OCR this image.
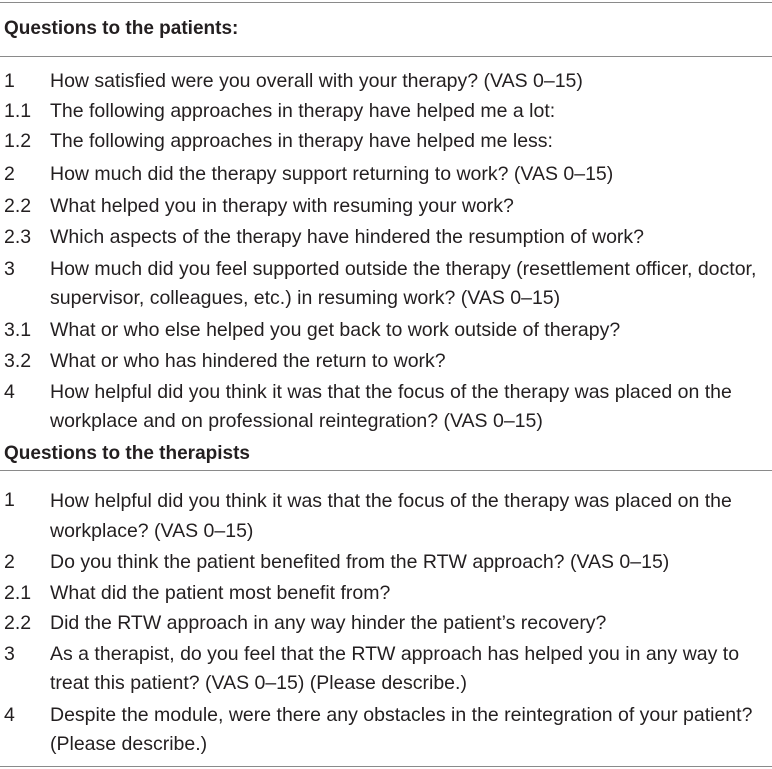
Questions to the patients:
1 How satisfied were you overall with your therapy? (VAS 0–15)
1.1 The following approaches in therapy have helped me a lot:
1.2 The following approaches in therapy have helped me less:
2 How much did the therapy support returning to work? (VAS 0–15)
2.2 What helped you in therapy with resuming your work?
2.3 Which aspects of the therapy have hindered the resumption of work?
3 How much did you feel supported outside the therapy (resettlement officer, doctor, supervisor, colleagues, etc.) in resuming work? (VAS 0–15)
3.1 What or who else helped you get back to work outside of therapy?
3.2 What or who has hindered the return to work?
4 How helpful did you think it was that the focus of the therapy was placed on the workplace and on professional reintegration? (VAS 0–15)
Questions to the therapists
1 How helpful did you think it was that the focus of the therapy was placed on the workplace? (VAS 0–15)
2 Do you think the patient benefited from the RTW approach? (VAS 0–15)
2.1 What did the patient most benefit from?
2.2 Did the RTW approach in any way hinder the patient’s recovery?
3 As a therapist, do you feel that the RTW approach has helped you in any way to treat this patient? (VAS 0–15) (Please describe.)
4 Despite the module, were there any obstacles in the reintegration of your patient? (Please describe.)
